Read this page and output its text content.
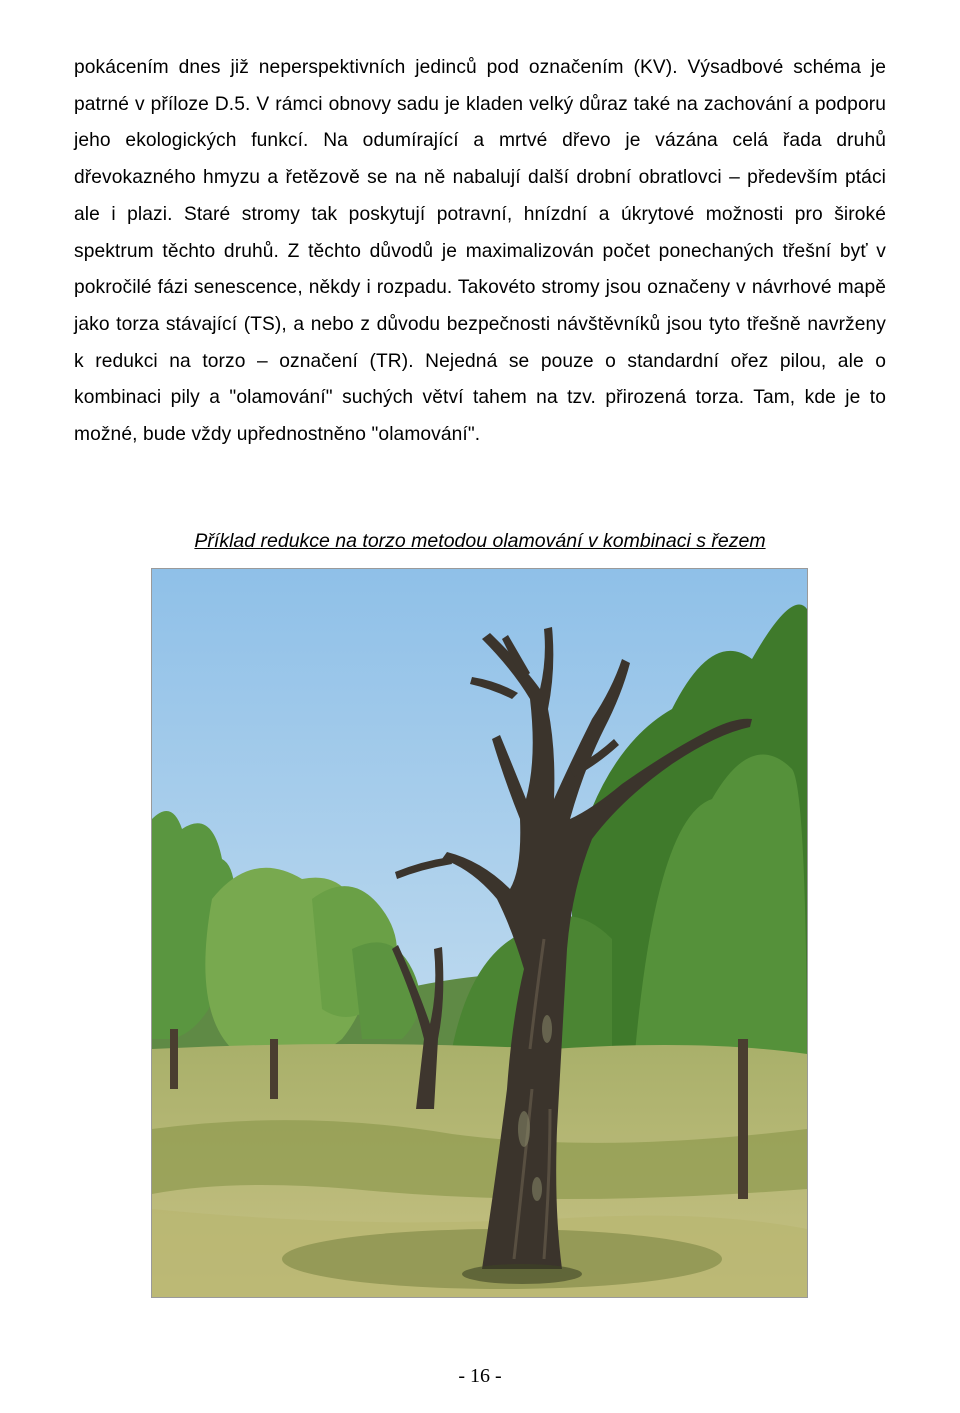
pokácením dnes již neperspektivních jedinců pod označením (KV). Výsadbové schéma je patrné v příloze D.5. V rámci obnovy sadu je kladen velký důraz také na zachování a podporu jeho ekologických funkcí. Na odumírající a mrtvé dřevo je vázána celá řada druhů dřevokazného hmyzu a řetězově se na ně nabalují další drobní obratlovci – především ptáci ale i plazi. Staré stromy tak poskytují potravní, hnízdní a úkrytové možnosti pro široké spektrum těchto druhů. Z těchto důvodů je maximalizován počet ponechaných třešní byť v pokročilé fázi senescence, někdy i rozpadu. Takovéto stromy jsou označeny v návrhové mapě jako torza stávající (TS), a nebo z důvodu bezpečnosti návštěvníků jsou tyto třešně navrženy k redukci na torzo – označení (TR). Nejedná se pouze o standardní ořez pilou, ale o kombinaci pily a "olamování" suchých větví tahem na tzv. přirozená torza. Tam, kde je to možné, bude vždy upřednostněno "olamování".

Příklad redukce na torzo metodou olamování v kombinaci s řezem
- 16 -
